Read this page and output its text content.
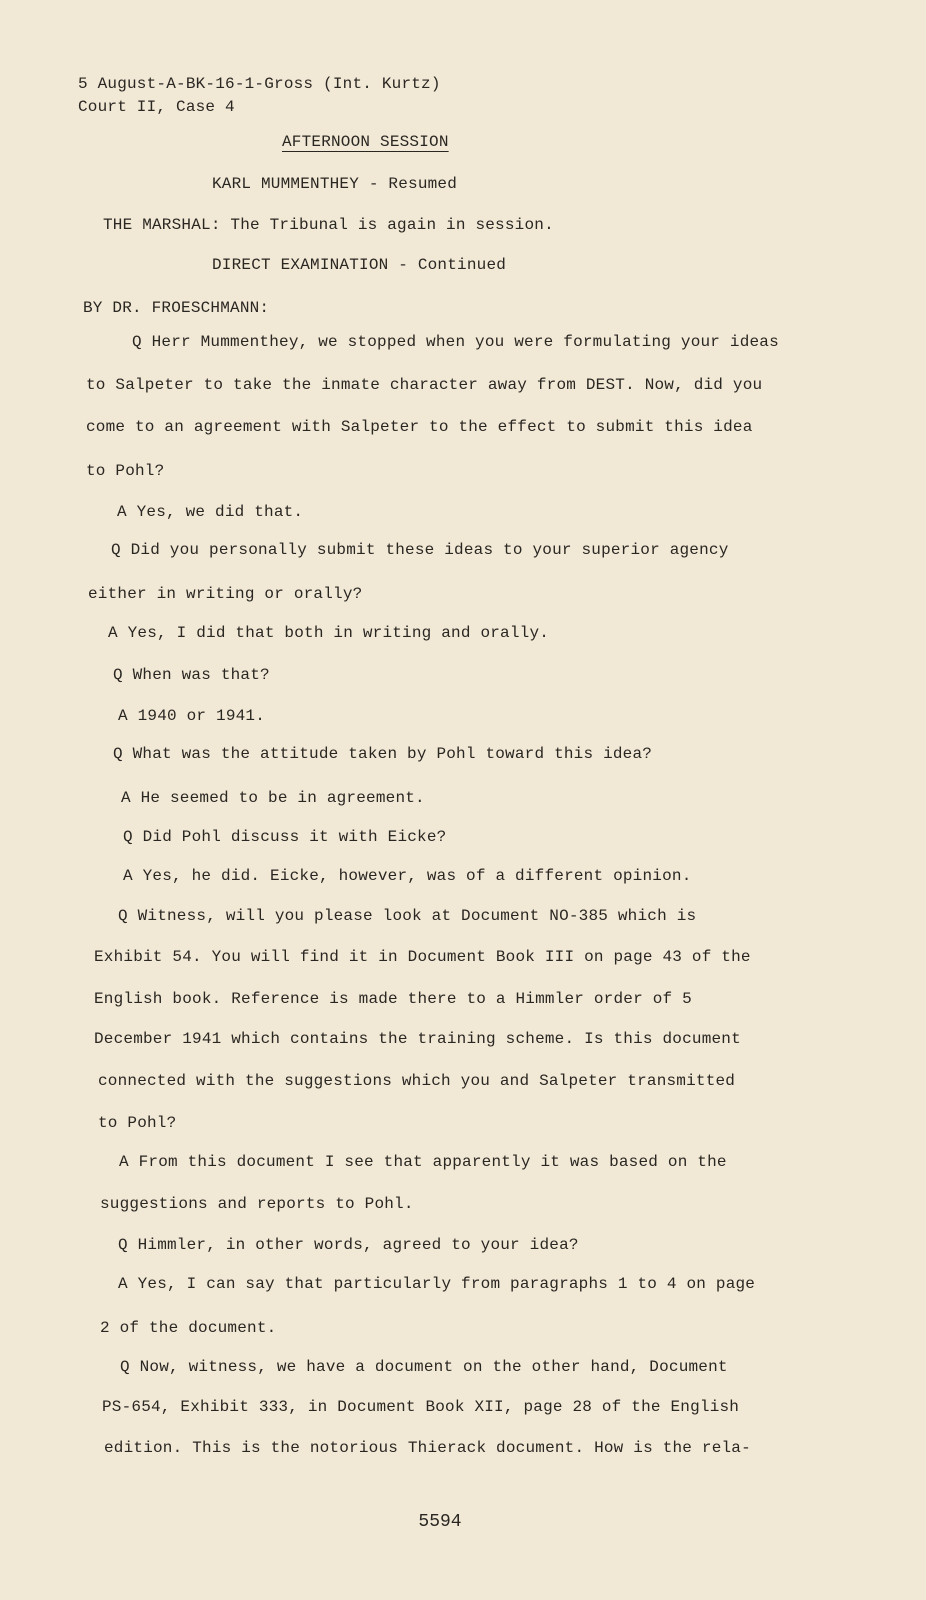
5 August-A-BK-16-1-Gross (Int. Kurtz)
Court II, Case 4
AFTERNOON SESSION
KARL MUMMENTHEY - Resumed
THE MARSHAL: The Tribunal is again in session.
DIRECT EXAMINATION - Continued
BY DR. FROESCHMANN:
Q Herr Mummenthey, we stopped when you were formulating your ideas
to Salpeter to take the inmate character away from DEST. Now, did you
come to an agreement with Salpeter to the effect to submit this idea
to Pohl?
A Yes, we did that.
Q Did you personally submit these ideas to your superior agency
either in writing or orally?
A Yes, I did that both in writing and orally.
Q When was that?
A 1940 or 1941.
Q What was the attitude taken by Pohl toward this idea?
A He seemed to be in agreement.
Q Did Pohl discuss it with Eicke?
A Yes, he did. Eicke, however, was of a different opinion.
Q Witness, will you please look at Document NO-385 which is
Exhibit 54. You will find it in Document Book III on page 43 of the
English book. Reference is made there to a Himmler order of 5
December 1941 which contains the training scheme. Is this document
connected with the suggestions which you and Salpeter transmitted
to Pohl?
A From this document I see that apparently it was based on the
suggestions and reports to Pohl.
Q Himmler, in other words, agreed to your idea?
A Yes, I can say that particularly from paragraphs 1 to 4 on page
2 of the document.
Q Now, witness, we have a document on the other hand, Document
PS-654, Exhibit 333, in Document Book XII, page 28 of the English
edition. This is the notorious Thierack document. How is the rela-
5594
